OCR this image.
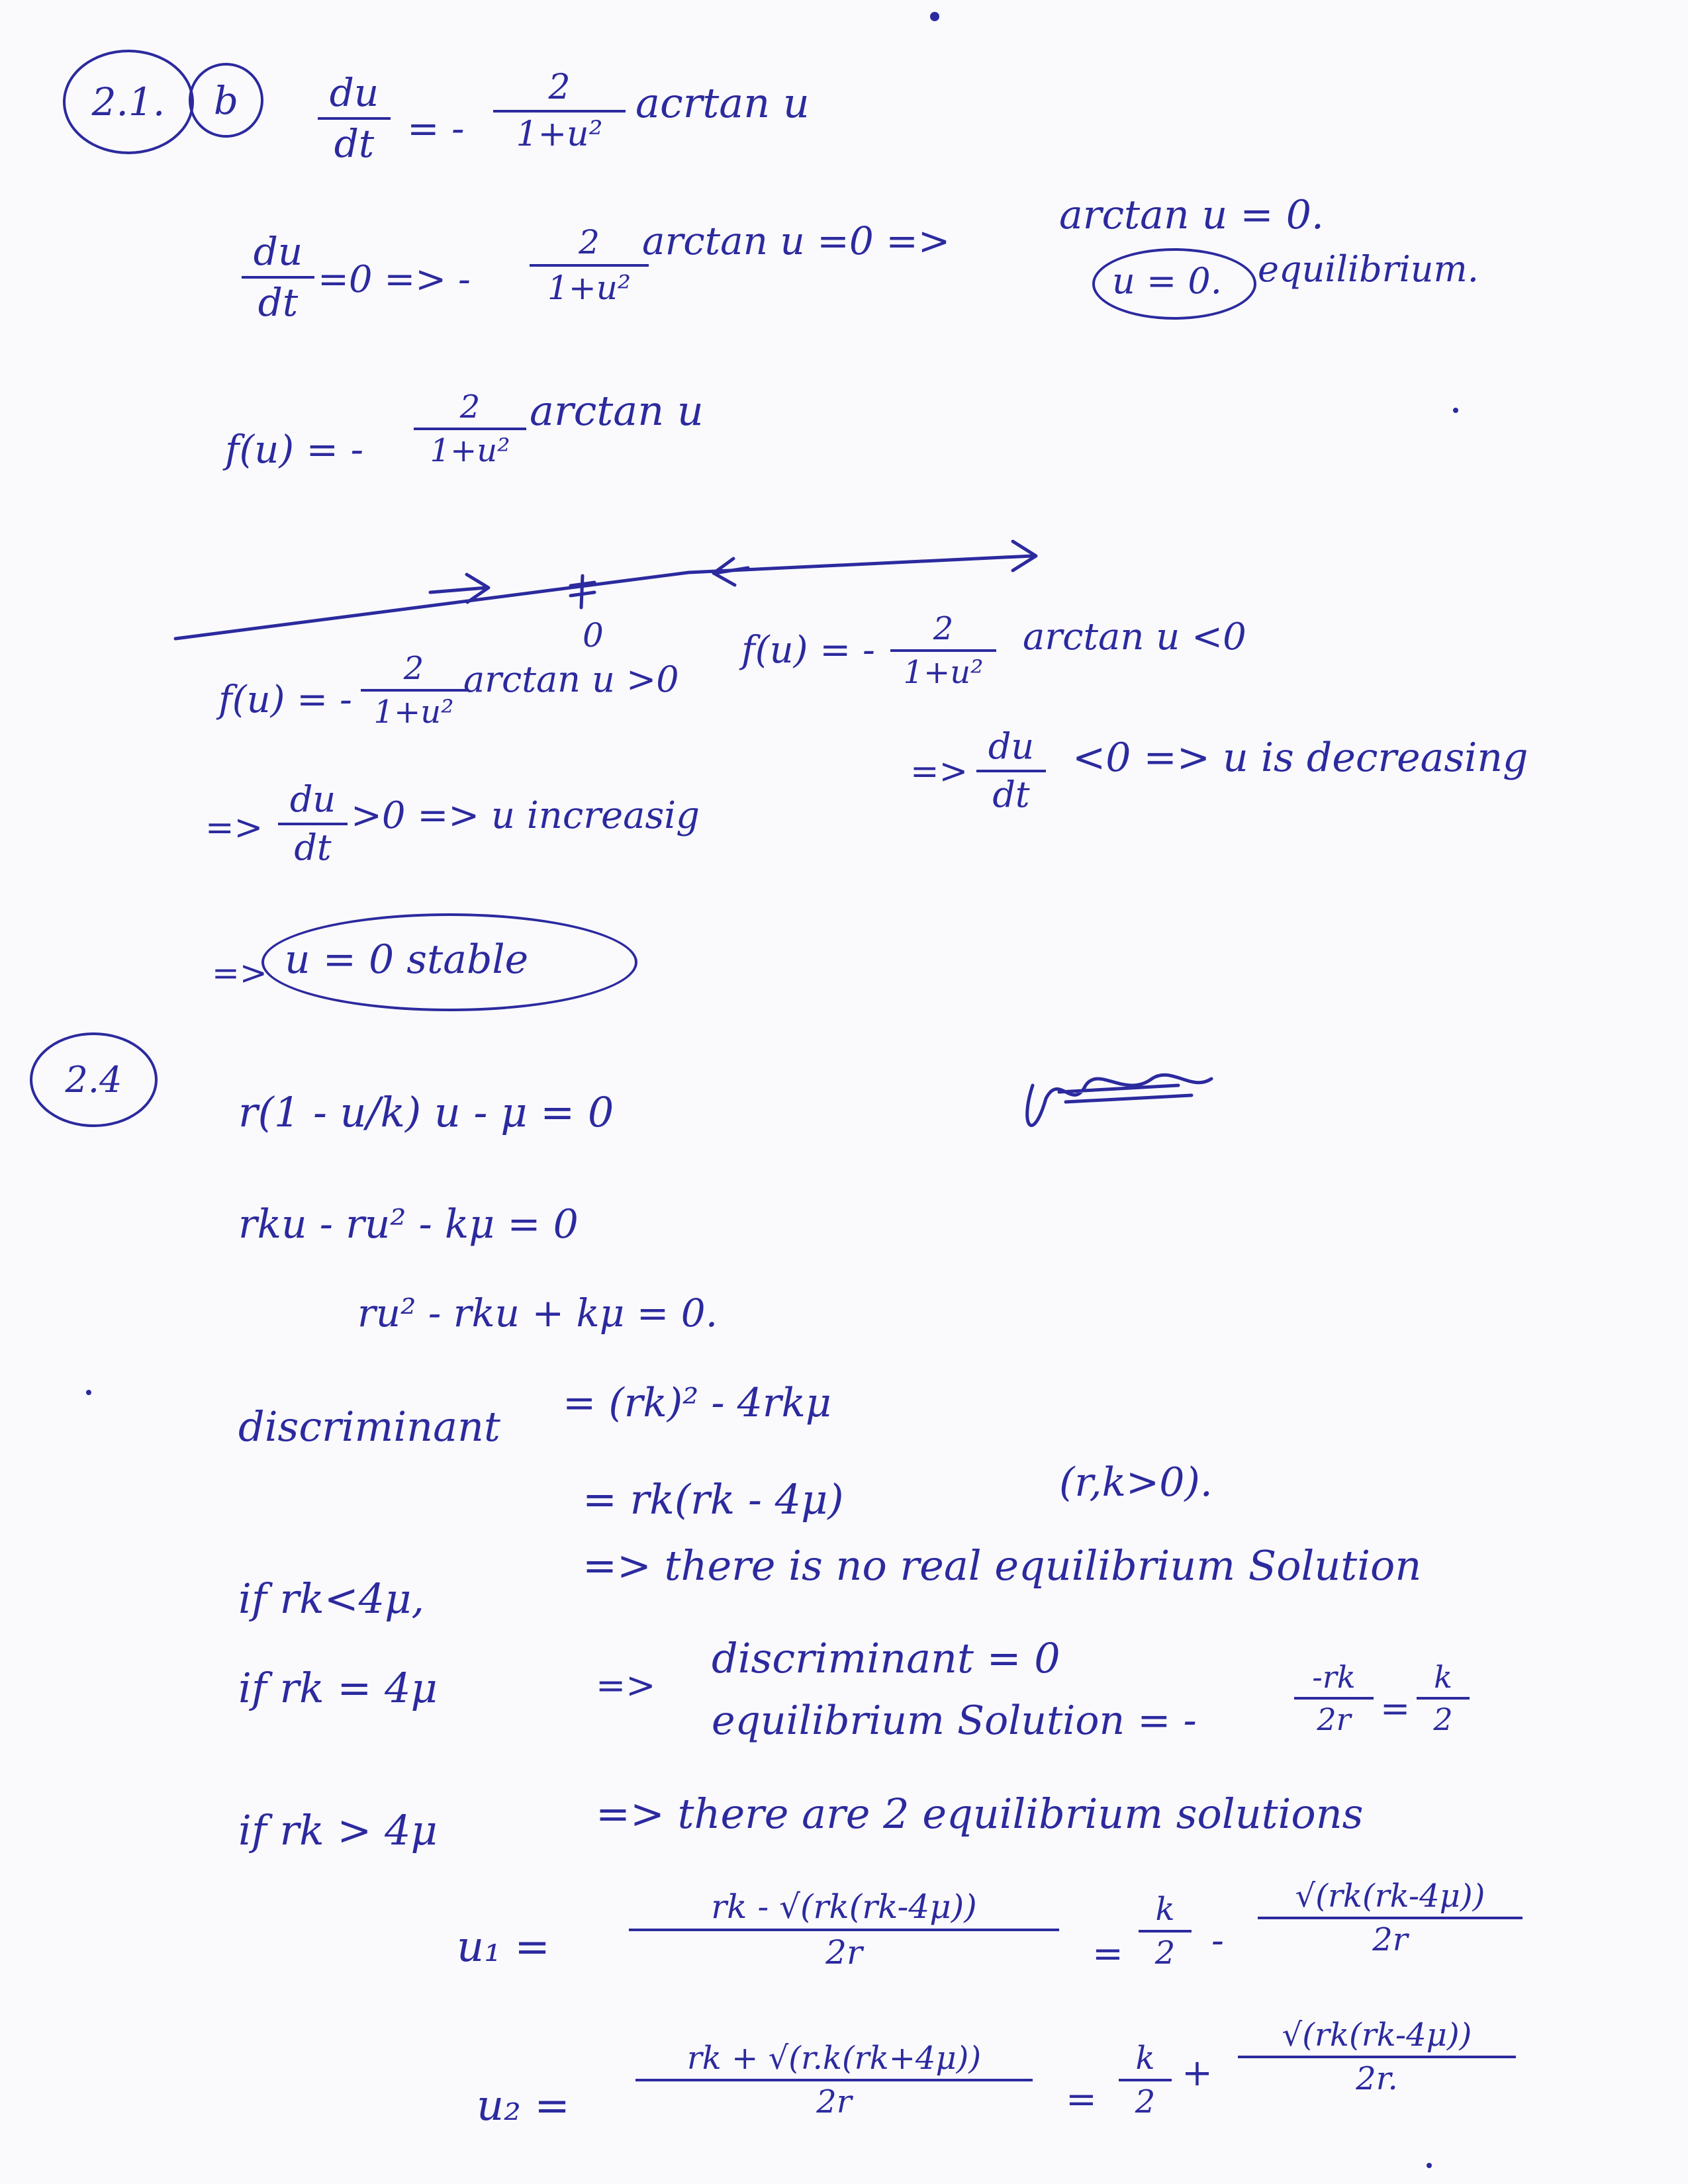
2.1. b	du
dt = -
2
1+u²
acrtan u
du
dt
=0 => -
2
1+u²
arctan u =0 =>
arctan u = 0.
u = 0. equilibrium.
f(u) = -
2
1+u²
arctan u
0
f(u) = -
2
1+u²
arctan u >0
f(u) = -	2
1+u²
arctan u <0
=>
du
dt
>0 => u increasig
=>
du
dt
<0 => u is decreasing
=> u = 0 stable
2.4
r(1 - u/k) u - μ = 0
rku - ru² - kμ = 0
ru² - rku + kμ = 0.
discriminant = (rk)² - 4rkμ
= rk(rk - 4μ)	(r,k>0).
if rk<4μ,
=> there is no real equilibrium Solution
if rk = 4μ	=>
discriminant = 0
equilibrium Solution = -
-rk
2r =
k
2
if rk > 4μ	=> there are 2 equilibrium solutions
u₁ =
rk - √(rk(rk-4μ))
2r	=
k
2 -
√(rk(rk-4μ))
2r
u₂ =
rk + √(r.k(rk+4μ))
2r	=
k
2
+
√(rk(rk-4μ))
2r.
